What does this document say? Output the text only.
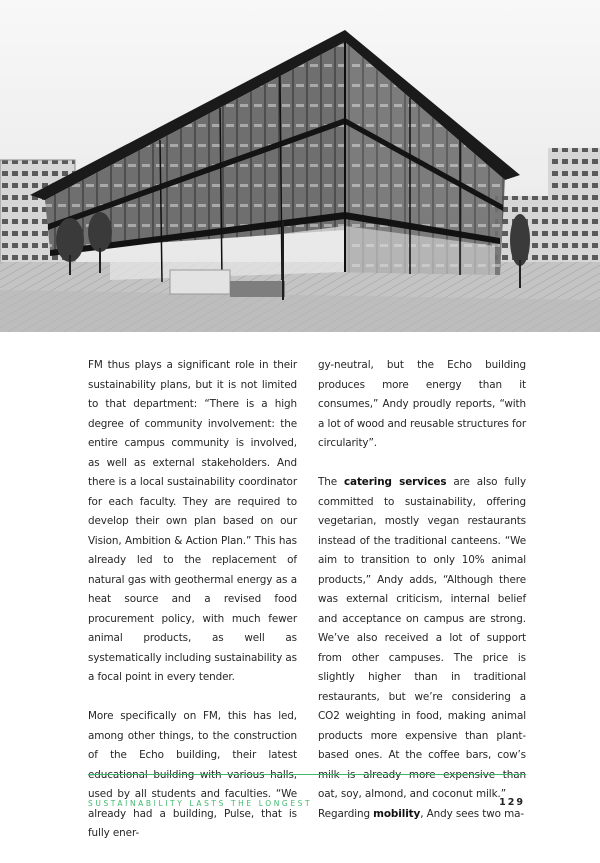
FM thus plays a significant role in their sustainability plans, but it is not limited to that department: “There is a high degree of community involvement: the entire campus community is involved, as well as external stakeholders. And there is a local sustainability coordinator for each faculty. They are required to develop their own plan based on our Vision, Ambition & Action Plan.” This has already led to the replacement of natural gas with geothermal energy as a heat source and a revised food procurement policy, with much fewer animal products, as well as systematically including sustainability as a focal point in every tender.

More specifically on FM, this has led, among other things, to the construction of the Echo building, their latest educational building with various halls, used by all students and faculties. “We already had a building, Pulse, that is fully ener-

gy-neutral, but the Echo building produces more energy than it consumes,” Andy proudly reports, “with a lot of wood and reusable structures for circularity”.

The catering services are also fully committed to sustainability, offering vegetarian, mostly vegan restaurants instead of the traditional canteens. “We aim to transition to only 10% animal products,” Andy adds, “Although there was external criticism, internal belief and acceptance on campus are strong. We’ve also received a lot of support from other campuses. The price is slightly higher than in traditional restaurants, but we’re considering a CO2 weighting in food, making animal products more expensive than plant-based ones. At the coffee bars, cow’s milk is already more expensive than oat, soy, almond, and coconut milk.”
Regarding mobility, Andy sees two ma-

SUSTAINABILITY LASTS THE LONGEST	129
